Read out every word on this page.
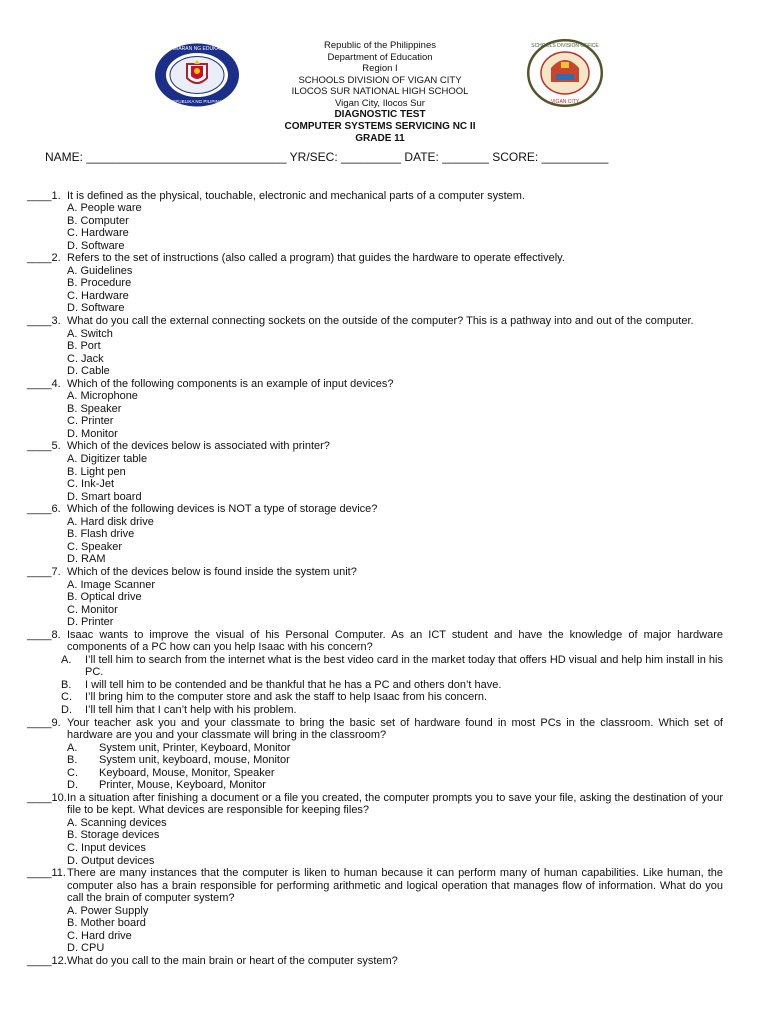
KAGAWARAN NG EDUKASYON
REPUBLIKA NG PILIPINAS
SCHOOLS DIVISION OFFICE
VIGAN CITY
Republic of the Philippines
Department of Education
Region I
SCHOOLS DIVISION OF VIGAN CITY
ILOCOS SUR NATIONAL HIGH SCHOOL
Vigan City, Ilocos Sur
DIAGNOSTIC TEST
COMPUTER SYSTEMS SERVICING NC II
GRADE 11
NAME: ______________________________ YR/SEC: _________ DATE: _______ SCORE: __________

____1. It is defined as the physical, touchable, electronic and mechanical parts of a computer system.
A. People ware
B. Computer
C. Hardware
D. Software
____2. Refers to the set of instructions (also called a program) that guides the hardware to operate effectively.
A. Guidelines
B. Procedure
C. Hardware
D. Software
____3. What do you call the external connecting sockets on the outside of the computer? This is a pathway into and out of the computer.
A. Switch
B. Port
C. Jack
D. Cable
____4. Which of the following components is an example of input devices?
A. Microphone
B. Speaker
C. Printer
D. Monitor
____5. Which of the devices below is associated with printer?
A. Digitizer table
B. Light pen
C. Ink-Jet
D. Smart board
____6. Which of the following devices is NOT a type of storage device?
A. Hard disk drive
B. Flash drive
C. Speaker
D. RAM
____7. Which of the devices below is found inside the system unit?
A. Image Scanner
B. Optical drive
C. Monitor
D. Printer
____8. Isaac wants to improve the visual of his Personal Computer. As an ICT student and have the knowledge of major hardware components of a PC how can you help Isaac with his concern?
A.	I’ll tell him to search from the internet what is the best video card in the market today that offers HD visual and help him install in his PC.
B.	I will tell him to be contended and be thankful that he has a PC and others don’t have.
C.	I’ll bring him to the computer store and ask the staff to help Isaac from his concern.
D.	I’ll tell him that I can’t help with his problem.
____9. Your teacher ask you and your classmate to bring the basic set of hardware found in most PCs in the classroom. Which set of hardware are you and your classmate will bring in the classroom?
A.	System unit, Printer, Keyboard, Monitor
B.	System unit, keyboard, mouse, Monitor
C.	Keyboard, Mouse, Monitor, Speaker
D.	Printer, Mouse, Keyboard, Monitor
____10. In a situation after finishing a document or a file you created, the computer prompts you to save your file, asking the destination of your file to be kept. What devices are responsible for keeping files?
A. Scanning devices
B. Storage devices
C. Input devices
D. Output devices
____11. There are many instances that the computer is liken to human because it can perform many of human capabilities. Like human, the computer also has a brain responsible for performing arithmetic and logical operation that manages flow of information. What do you call the brain of computer system?
A. Power Supply
B. Mother board
C. Hard drive
D. CPU
____12. What do you call to the main brain or heart of the computer system?
